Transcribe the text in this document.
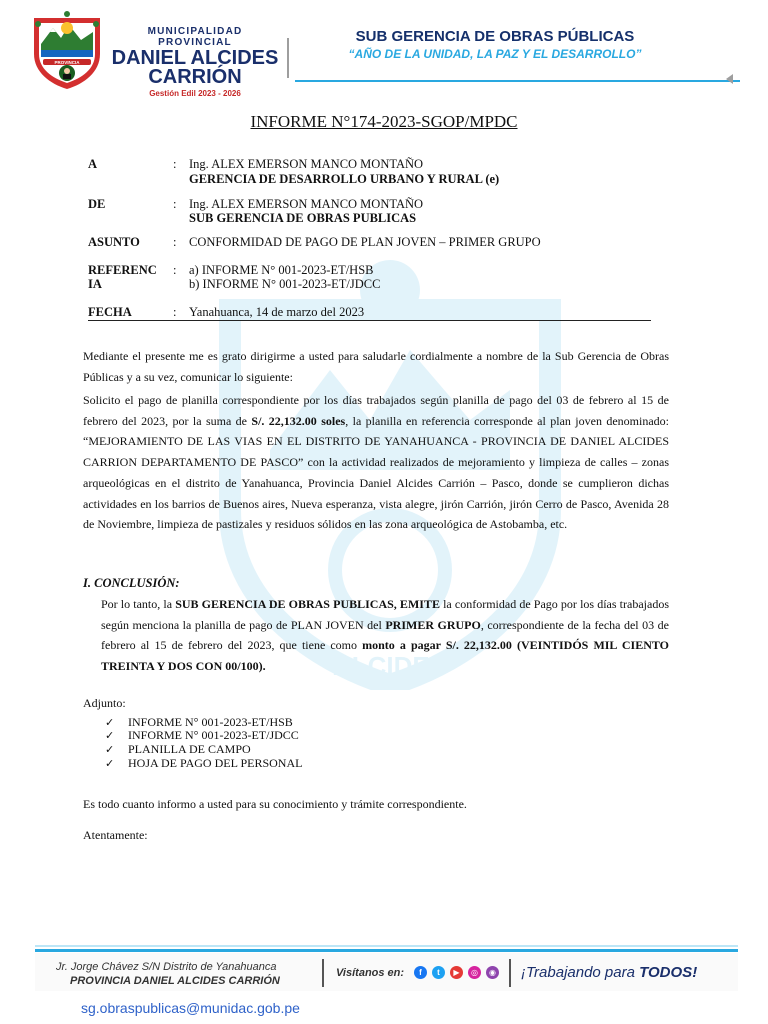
PROVINCIA
MUNICIPALIDAD PROVINCIAL
DANIEL ALCIDES
CARRIÓN
Gestión Edil 2023 - 2026
SUB GERENCIA DE OBRAS PÚBLICAS
“AÑO DE LA UNIDAD, LA PAZ Y EL DESARROLLO”
ALCIDES
INFORME N°174-2023-SGOP/MPDC
A	: Ing. ALEX EMERSON MANCO MONTAÑO
GERENCIA DE DESARROLLO URBANO Y RURAL (e)
DE	: Ing. ALEX EMERSON MANCO MONTAÑO
SUB GERENCIA DE OBRAS PUBLICAS
ASUNTO	: CONFORMIDAD DE PAGO DE PLAN JOVEN – PRIMER GRUPO
REFERENC	: a) INFORME N° 001-2023-ET/HSB
IA	b) INFORME N° 001-2023-ET/JDCC
FECHA	: Yanahuanca, 14 de marzo del 2023
Mediante el presente me es grato dirigirme a usted para saludarle cordialmente a nombre de la Sub Gerencia de Obras Públicas y a su vez, comunicar lo siguiente:
Solicito el pago de planilla correspondiente por los días trabajados según planilla de pago del 03 de febrero al 15 de febrero del 2023, por la suma de S/. 22,132.00 soles, la planilla en referencia corresponde al plan joven denominado: “MEJORAMIENTO DE LAS VIAS EN EL DISTRITO DE YANAHUANCA - PROVINCIA DE DANIEL ALCIDES CARRION DEPARTAMENTO DE PASCO” con la actividad realizados de mejoramiento y limpieza de calles – zonas arqueológicas en el distrito de Yanahuanca, Provincia Daniel Alcides Carrión – Pasco, donde se cumplieron dichas actividades en los barrios de Buenos aires, Nueva esperanza, vista alegre, jirón Carrión, jirón Cerro de Pasco, Avenida 28 de Noviembre, limpieza de pastizales y residuos sólidos en las zona arqueológica de Astobamba, etc.
I. CONCLUSIÓN:
Por lo tanto, la SUB GERENCIA DE OBRAS PUBLICAS, EMITE la conformidad de Pago por los días trabajados según menciona la planilla de pago de PLAN JOVEN del PRIMER GRUPO, correspondiente de la fecha del 03 de febrero al 15 de febrero del 2023, que tiene como monto a pagar S/. 22,132.00 (VEINTIDÓS MIL CIENTO TREINTA Y DOS CON 00/100).
Adjunto:
✓ INFORME N° 001-2023-ET/HSB
✓ INFORME N° 001-2023-ET/JDCC
✓ PLANILLA DE CAMPO
✓ HOJA DE PAGO DEL PERSONAL
Es todo cuanto informo a usted para su conocimiento y trámite correspondiente.
Atentamente:
Jr. Jorge Chávez S/N Distrito de Yanahuanca
PROVINCIA DANIEL ALCIDES CARRIÓN
Visítanos en:	f	t	▶	◎	◉ ¡Trabajando para TODOS!
sg.obraspublicas@munidac.gob.pe
